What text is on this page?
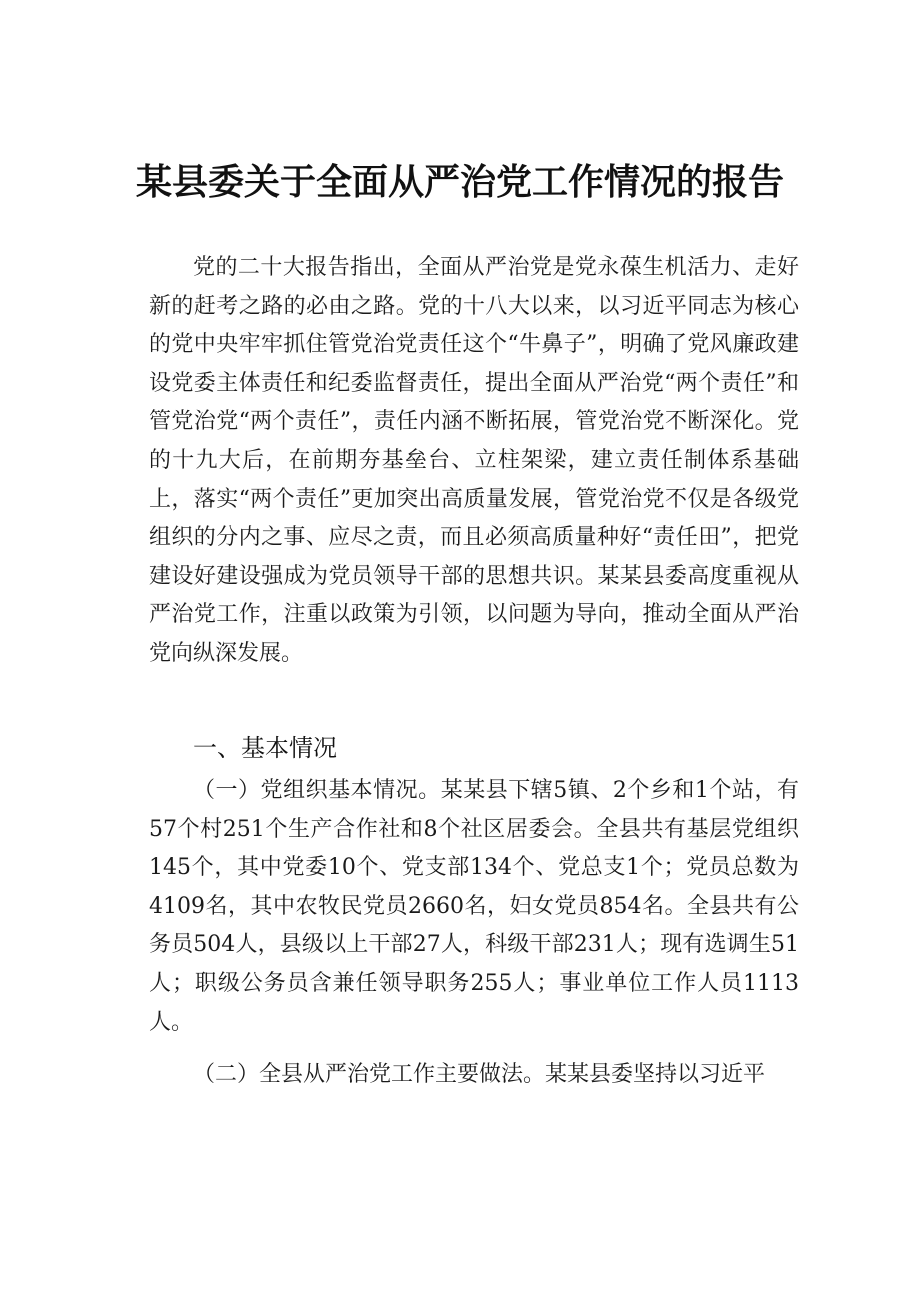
某县委关于全面从严治党工作情况的报告

党的二十大报告指出，全面从严治党是党永葆生机活力、走好新的赶考之路的必由之路。党的十八大以来，以习近平同志为核心的党中央牢牢抓住管党治党责任这个“牛鼻子”，明确了党风廉政建设党委主体责任和纪委监督责任，提出全面从严治党“两个责任”和管党治党“两个责任”，责任内涵不断拓展，管党治党不断深化。党的十九大后，在前期夯基垒台、立柱架梁，建立责任制体系基础上，落实“两个责任”更加突出高质量发展，管党治党不仅是各级党组织的分内之事、应尽之责，而且必须高质量种好“责任田”，把党建设好建设强成为党员领导干部的思想共识。某某县委高度重视从严治党工作，注重以政策为引领，以问题为导向，推动全面从严治党向纵深发展。

一、基本情况

（一）党组织基本情况。某某县下辖5镇、2个乡和1个站，有57个村251个生产合作社和8个社区居委会。全县共有基层党组织145个，其中党委10个、党支部134个、党总支1个；党员总数为4109名，其中农牧民党员2660名，妇女党员854名。全县共有公务员504人，县级以上干部27人，科级干部231人；现有选调生51人；职级公务员含兼任领导职务255人；事业单位工作人员1113人。

（二）全县从严治党工作主要做法。某某县委坚持以习近平
